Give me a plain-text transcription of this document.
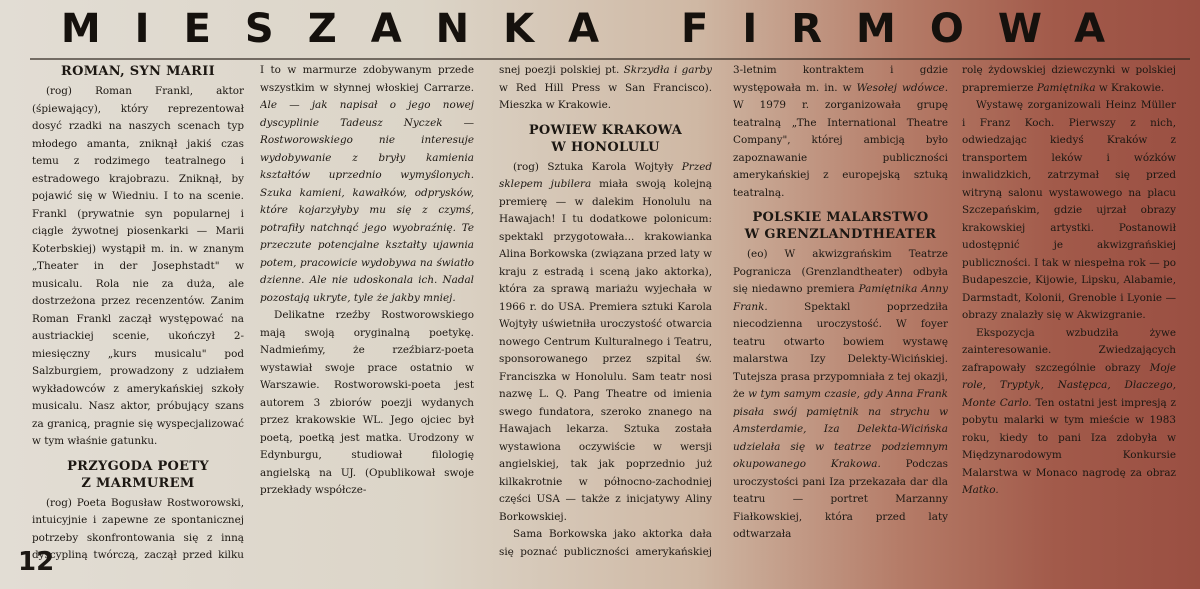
MIESZANKA FIRMOWA
ROMAN, SYN MARII

(rog) Roman Frankl, aktor (śpiewający), który reprezentował dosyć rzadki na naszych scenach typ młodego amanta, zniknął jakiś czas temu z rodzimego teatralnego i estradowego krajobrazu. Zniknął, by pojawić się w Wiedniu. I to na scenie. Frankl (prywatnie syn popularnej i ciągle żywotnej piosenkarki — Marii Koterbskiej) wystąpił m. in. w znanym „Theater in der Josephstadt" w musicalu. Rola nie za duża, ale dostrzeżona przez recenzentów. Zanim Roman Frankl zaczął występować na austriackiej scenie, ukończył 2-miesięczny „kurs musicalu" pod Salzburgiem, prowadzony z udziałem wykładowców z amerykańskiej szkoły musicalu. Nasz aktor, próbujący szans za granicą, pragnie się wyspecjalizować w tym właśnie gatunku.

PRZYGODA POETY
Z MARMUREM

(rog) Poeta Bogusław Rostworowski, intuicyjnie i zapewne ze spontanicznej potrzeby skonfrontowania się z inną dyscypliną twórczą, zaczął przed kilku

I to w marmurze zdobywanym przede wszystkim w słynnej włoskiej Carrarze. Ale — jak napisał o jego nowej dyscyplinie Tadeusz Nyczek — Rostworowskiego nie interesuje wydobywanie z bryły kamienia kształtów uprzednio wymyślonych. Szuka kamieni, kawałków, odprysków, które kojarzyłyby mu się z czymś, potrafiły natchnąć jego wyobraźnię. Te przeczute potencjalne kształty ujawnia potem, pracowicie wydobywa na światło dzienne. Ale nie udoskonala ich. Nadal pozostają ukryte, tyle że jakby mniej.

Delikatne rzeźby Rostworowskiego mają swoją oryginalną poetykę. Nadmieńmy, że rzeźbiarz-poeta wystawiał swoje prace ostatnio w Warszawie. Rostworowski-poeta jest autorem 3 zbiorów poezji wydanych przez krakowskie WL. Jego ojciec był poetą, poetką jest matka. Urodzony w Edynburgu, studiował filologię angielską na UJ. (Opublikował swoje przekłady współcze-

snej poezji polskiej pt. Skrzydła i garby w Red Hill Press w San Francisco). Mieszka w Krakowie.

POWIEW KRAKOWA
W HONOLULU

(rog) Sztuka Karola Wojtyły Przed sklepem jubilera miała swoją kolejną premierę — w dalekim Honolulu na Hawajach! I tu dodatkowe polonicum: spektakl przygotowała... krakowianka Alina Borkowska (związana przed laty w kraju z estradą i sceną jako aktorka), która za sprawą mariażu wyjechała w 1966 r. do USA. Premiera sztuki Karola Wojtyły uświetniła uroczystość otwarcia nowego Centrum Kulturalnego i Teatru, sponsorowanego przez szpital św. Franciszka w Honolulu. Sam teatr nosi nazwę L. Q. Pang Theatre od imienia swego fundatora, szeroko znanego na Hawajach lekarza. Sztuka została wystawiona oczywiście w wersji angielskiej, tak jak poprzednio już kilkakrotnie w północno-zachodniej części USA — także z inicjatywy Aliny Borkowskiej.

Sama Borkowska jako aktorka dała się poznać publiczności amerykańskiej

3-letnim kontraktem i gdzie występowała m. in. w Wesołej wdówce. W 1979 r. zorganizowała grupę teatralną „The International Theatre Company", której ambicją było zapoznawanie publiczności amerykańskiej z europejską sztuką teatralną.

POLSKIE MALARSTWO
W GRENZLANDTHEATER

(eo) W akwizgrańskim Teatrze Pogranicza (Grenzlandtheater) odbyła się niedawno premiera Pamiętnika Anny Frank.	Spektakl poprzedziła niecodzienna uroczystość. W foyer teatru otwarto bowiem wystawę malarstwa Izy Delekty-Wicińskiej. Tutejsza prasa przypomniała z tej okazji, że w tym samym czasie, gdy Anna Frank pisała swój pamiętnik na strychu w Amsterdamie, Iza Delekta-Wicińska udzielała się w teatrze podziemnym okupowanego Krakowa. Podczas uroczystości pani Iza przekazała dar dla teatru — portret Marzanny Fiałkowskiej, która przed laty odtwarzała

rolę żydowskiej dziewczynki w polskiej prapremierze Pamiętnika w Krakowie.

Wystawę zorganizowali Heinz Müller i Franz Koch. Pierwszy z nich, odwiedzając kiedyś Kraków z transportem leków i wózków inwalidzkich, zatrzymał się przed witryną salonu wystawowego na placu Szczepańskim, gdzie ujrzał obrazy krakowskiej artystki. Postanowił udostępnić je akwizgrańskiej publiczności. I tak w niespełna rok — po Budapeszcie, Kijowie, Lipsku, Alabamie, Darmstadt, Kolonii, Grenoble i Lyonie — obrazy znalazły się w Akwizgranie.

Ekspozycja wzbudziła żywe zainteresowanie. Zwiedzających zafrapowały szczególnie obrazy Moje role, Tryptyk, Następca, Dlaczego, Monte Carlo. Ten ostatni jest impresją z pobytu malarki w tym mieście w 1983 roku, kiedy to pani Iza zdobyła w Międzynarodowym Konkursie Malarstwa w Monaco nagrodę za obraz Matko.

12
